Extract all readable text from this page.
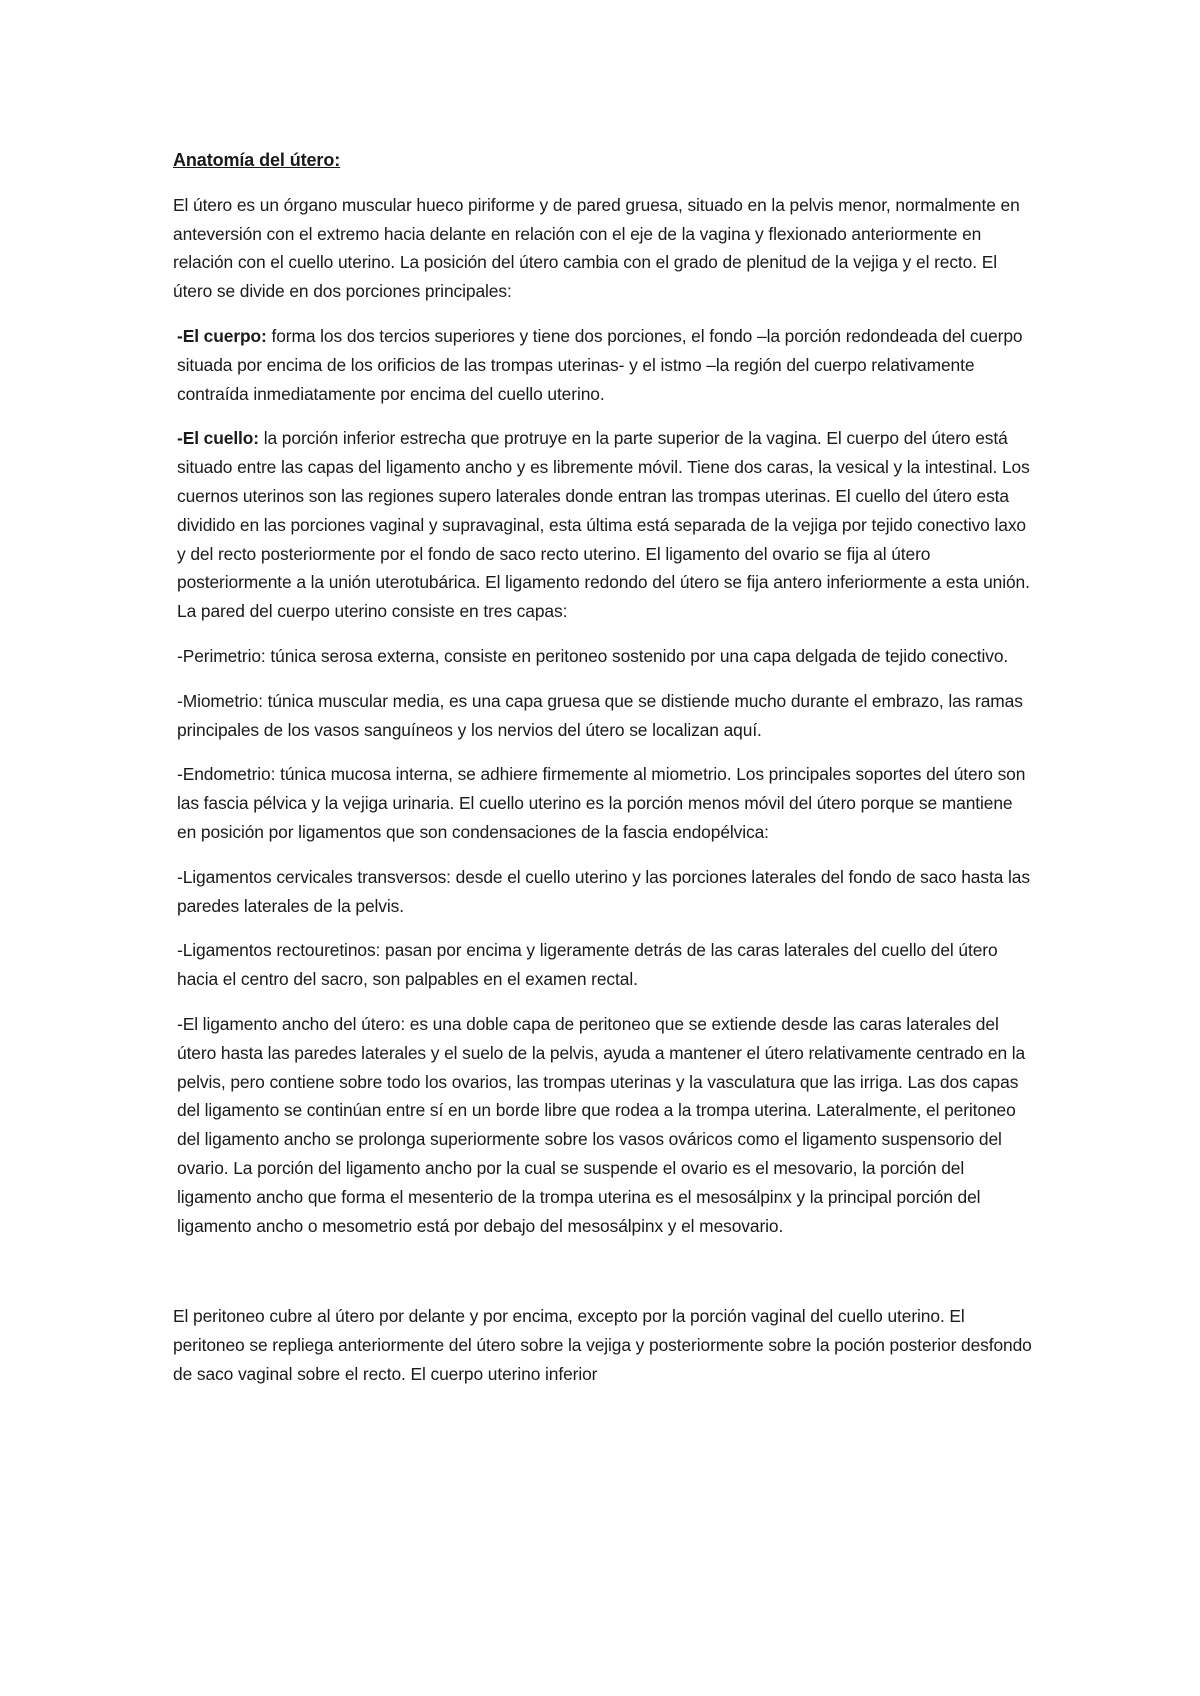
Anatomía del útero:

El útero es un órgano muscular hueco piriforme y de pared gruesa, situado en la pelvis menor, normalmente en anteversión con el extremo hacia delante en relación con el eje de la vagina y flexionado anteriormente en relación con el cuello uterino. La posición del útero cambia con el grado de plenitud de la vejiga y el recto. El útero se divide en dos porciones principales:

-El cuerpo: forma los dos tercios superiores y tiene dos porciones, el fondo –la porción redondeada del cuerpo situada por encima de los orificios de las trompas uterinas- y el istmo –la región del cuerpo relativamente contraída inmediatamente por encima del cuello uterino.

-El cuello: la porción inferior estrecha que protruye en la parte superior de la vagina. El cuerpo del útero está situado entre las capas del ligamento ancho y es libremente móvil. Tiene dos caras, la vesical y la intestinal. Los cuernos uterinos son las regiones supero laterales donde entran las trompas uterinas. El cuello del útero esta dividido en las porciones vaginal y supravaginal, esta última está separada de la vejiga por tejido conectivo laxo y del recto posteriormente por el fondo de saco recto uterino. El ligamento del ovario se fija al útero posteriormente a la unión uterotubárica. El ligamento redondo del útero se fija antero inferiormente a esta unión. La pared del cuerpo uterino consiste en tres capas:

-Perimetrio: túnica serosa externa, consiste en peritoneo sostenido por una capa delgada de tejido conectivo.

-Miometrio: túnica muscular media, es una capa gruesa que se distiende mucho durante el embrazo, las ramas principales de los vasos sanguíneos y los nervios del útero se localizan aquí.

-Endometrio: túnica mucosa interna, se adhiere firmemente al miometrio. Los principales soportes del útero son las fascia pélvica y la vejiga urinaria. El cuello uterino es la porción menos móvil del útero porque se mantiene en posición por ligamentos que son condensaciones de la fascia endopélvica:

-Ligamentos cervicales transversos: desde el cuello uterino y las porciones laterales del fondo de saco hasta las paredes laterales de la pelvis.

-Ligamentos rectouretinos: pasan por encima y ligeramente detrás de las caras laterales del cuello del útero hacia el centro del sacro, son palpables en el examen rectal.

-El ligamento ancho del útero: es una doble capa de peritoneo que se extiende desde las caras laterales del útero hasta las paredes laterales y el suelo de la pelvis, ayuda a mantener el útero relativamente centrado en la pelvis, pero contiene sobre todo los ovarios, las trompas uterinas y la vasculatura que las irriga. Las dos capas del ligamento se continúan entre sí en un borde libre que rodea a la trompa uterina. Lateralmente, el peritoneo del ligamento ancho se prolonga superiormente sobre los vasos ováricos como el ligamento suspensorio del ovario. La porción del ligamento ancho por la cual se suspende el ovario es el mesovario, la porción del ligamento ancho que forma el mesenterio de la trompa uterina es el mesosálpinx y la principal porción del ligamento ancho o mesometrio está por debajo del mesosálpinx y el mesovario.

El peritoneo cubre al útero por delante y por encima, excepto por la porción vaginal del cuello uterino. El peritoneo se repliega anteriormente del útero sobre la vejiga y posteriormente sobre la poción posterior desfondo de saco vaginal sobre el recto. El cuerpo uterino inferior
